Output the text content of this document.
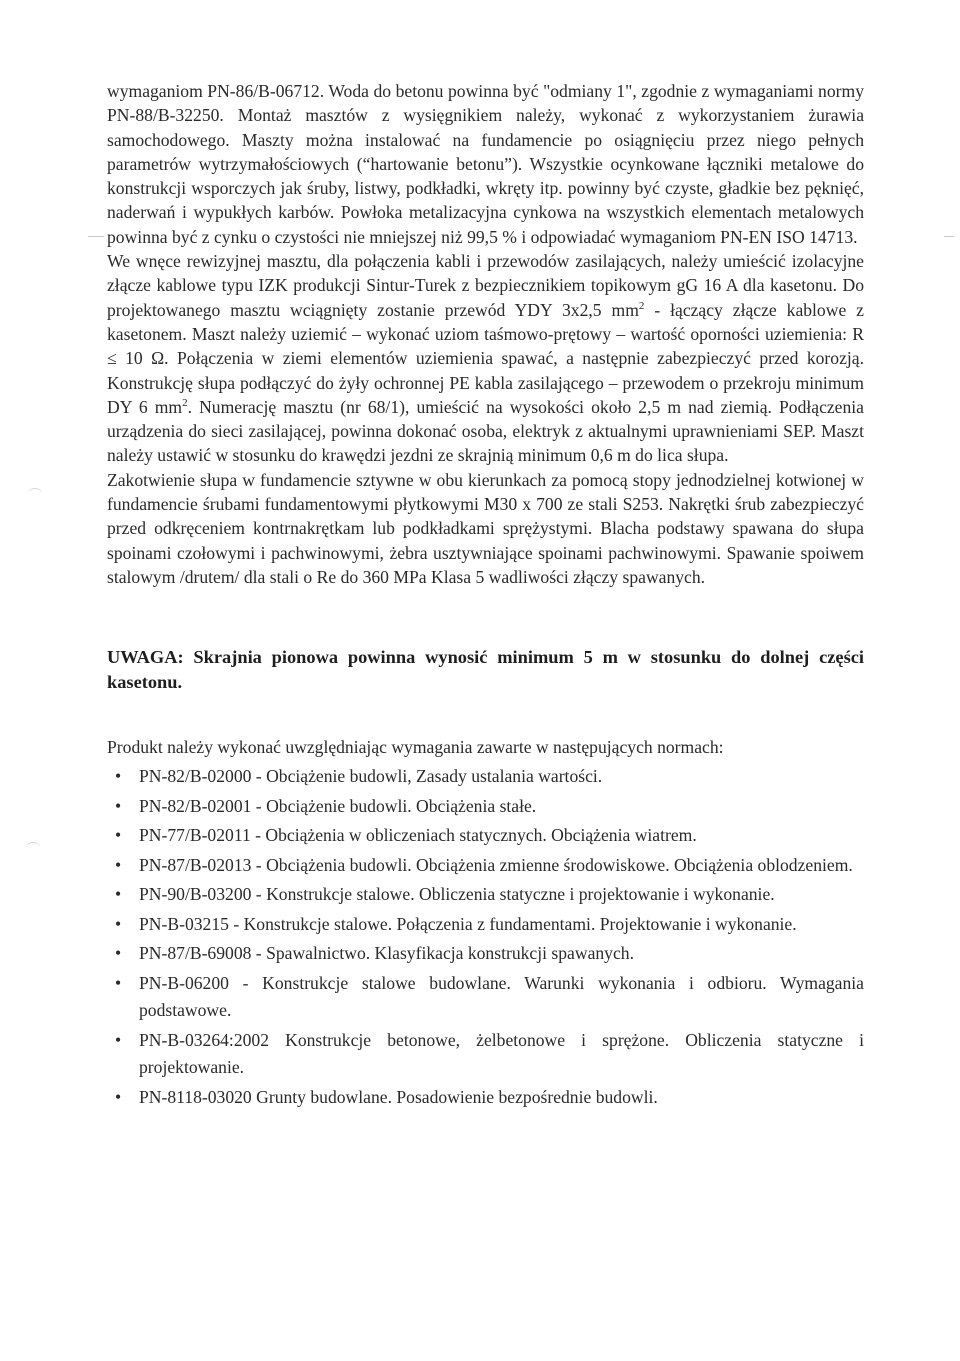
wymaganiom PN-86/B-06712. Woda do betonu powinna być "odmiany 1", zgodnie z wymaganiami normy PN-88/B-32250. Montaż masztów z wysięgnikiem należy, wykonać z wykorzystaniem żurawia samochodowego. Maszty można instalować na fundamencie po osiągnięciu przez niego pełnych parametrów wytrzymałościowych (“hartowanie betonu”). Wszystkie ocynkowane łączniki metalowe do konstrukcji wsporczych jak śruby, listwy, podkładki, wkręty itp. powinny być czyste, gładkie bez pęknięć, naderwań i wypukłych karbów. Powłoka metalizacyjna cynkowa na wszystkich elementach metalowych powinna być z cynku o czystości nie mniejszej niż 99,5 % i odpowiadać wymaganiom PN-EN ISO 14713.

We wnęce rewizyjnej masztu, dla połączenia kabli i przewodów zasilających, należy umieścić izolacyjne złącze kablowe typu IZK produkcji Sintur-Turek z bezpiecznikiem topikowym gG 16 A dla kasetonu. Do projektowanego masztu wciągnięty zostanie przewód YDY 3x2,5 $mm^2$ - łączący złącze kablowe z kasetonem. Maszt należy uziemić – wykonać uziom taśmowo-prętowy – wartość oporności uziemienia: R ≤ 10 Ω. Połączenia w ziemi elementów uziemienia spawać, a następnie zabezpieczyć przed korozją. Konstrukcję słupa podłączyć do żyły ochronnej PE kabla zasilającego – przewodem o przekroju minimum DY 6 $mm^2$. Numerację masztu (nr 68/1), umieścić na wysokości około 2,5 m nad ziemią. Podłączenia urządzenia do sieci zasilającej, powinna dokonać osoba, elektryk z aktualnymi uprawnieniami SEP. Maszt należy ustawić w stosunku do krawędzi jezdni ze skrajnią minimum 0,6 m do lica słupa.

Zakotwienie słupa w fundamencie sztywne w obu kierunkach za pomocą stopy jednodzielnej kotwionej w fundamencie śrubami fundamentowymi płytkowymi M30 x 700 ze stali S253. Nakrętki śrub zabezpieczyć przed odkręceniem kontrnakrętkam lub podkładkami sprężystymi. Blacha podstawy spawana do słupa spoinami czołowymi i pachwinowymi, żebra usztywniające spoinami pachwinowymi. Spawanie spoiwem stalowym /drutem/ dla stali o Re do 360 MPa Klasa 5 wadliwości złączy spawanych.

UWAGA: Skrajnia pionowa powinna wynosić minimum 5 m w stosunku do dolnej części kasetonu.

Produkt należy wykonać uwzględniając wymagania zawarte w następujących normach:

• PN-82/B-02000 - Obciążenie budowli, Zasady ustalania wartości.
• PN-82/B-02001 - Obciążenie budowli. Obciążenia stałe.
• PN-77/B-02011 - Obciążenia w obliczeniach statycznych. Obciążenia wiatrem.
• PN-87/B-02013 - Obciążenia budowli. Obciążenia zmienne środowiskowe. Obciążenia oblodzeniem.
• PN-90/B-03200 - Konstrukcje stalowe. Obliczenia statyczne i projektowanie i wykonanie.
• PN-B-03215 - Konstrukcje stalowe. Połączenia z fundamentami. Projektowanie i wykonanie.
• PN-87/B-69008 - Spawalnictwo. Klasyfikacja konstrukcji spawanych.
• PN-B-06200 - Konstrukcje stalowe budowlane. Warunki wykonania i odbioru. Wymagania podstawowe.
• PN-B-03264:2002 Konstrukcje betonowe, żelbetonowe i sprężone. Obliczenia statyczne i projektowanie.
• PN-8118-03020 Grunty budowlane. Posadowienie bezpośrednie budowli.
